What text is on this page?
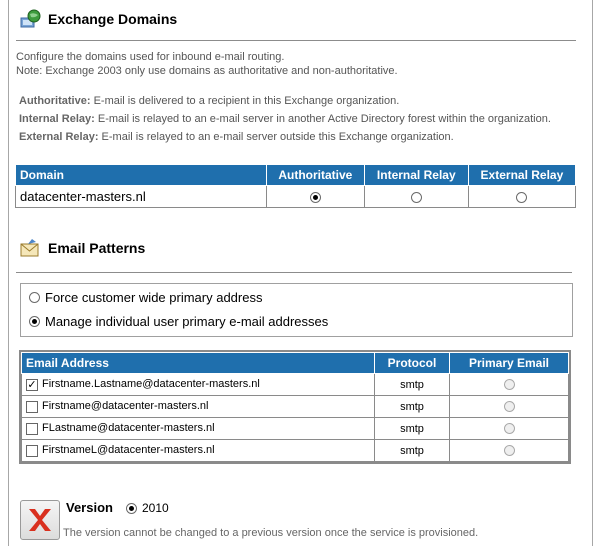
Exchange Domains
Configure the domains used for inbound e-mail routing.
Note: Exchange 2003 only use domains as authoritative and non-authoritative.
Authoritative: E-mail is delivered to a recipient in this Exchange organization.
Internal Relay: E-mail is relayed to an e-mail server in another Active Directory forest within the organization.
External Relay: E-mail is relayed to an e-mail server outside this Exchange organization.
Domain	Authoritative	Internal Relay	External Relay
datacenter-masters.nl			
Email Patterns
Force customer wide primary address
Manage individual user primary e-mail addresses
Email Address	Protocol	Primary Email
✓ Firstname.Lastname@datacenter-masters.nl	smtp	
Firstname@datacenter-masters.nl	smtp	
FLastname@datacenter-masters.nl	smtp	
FirstnameL@datacenter-masters.nl	smtp	
Version 2010
The version cannot be changed to a previous version once the service is provisioned.
